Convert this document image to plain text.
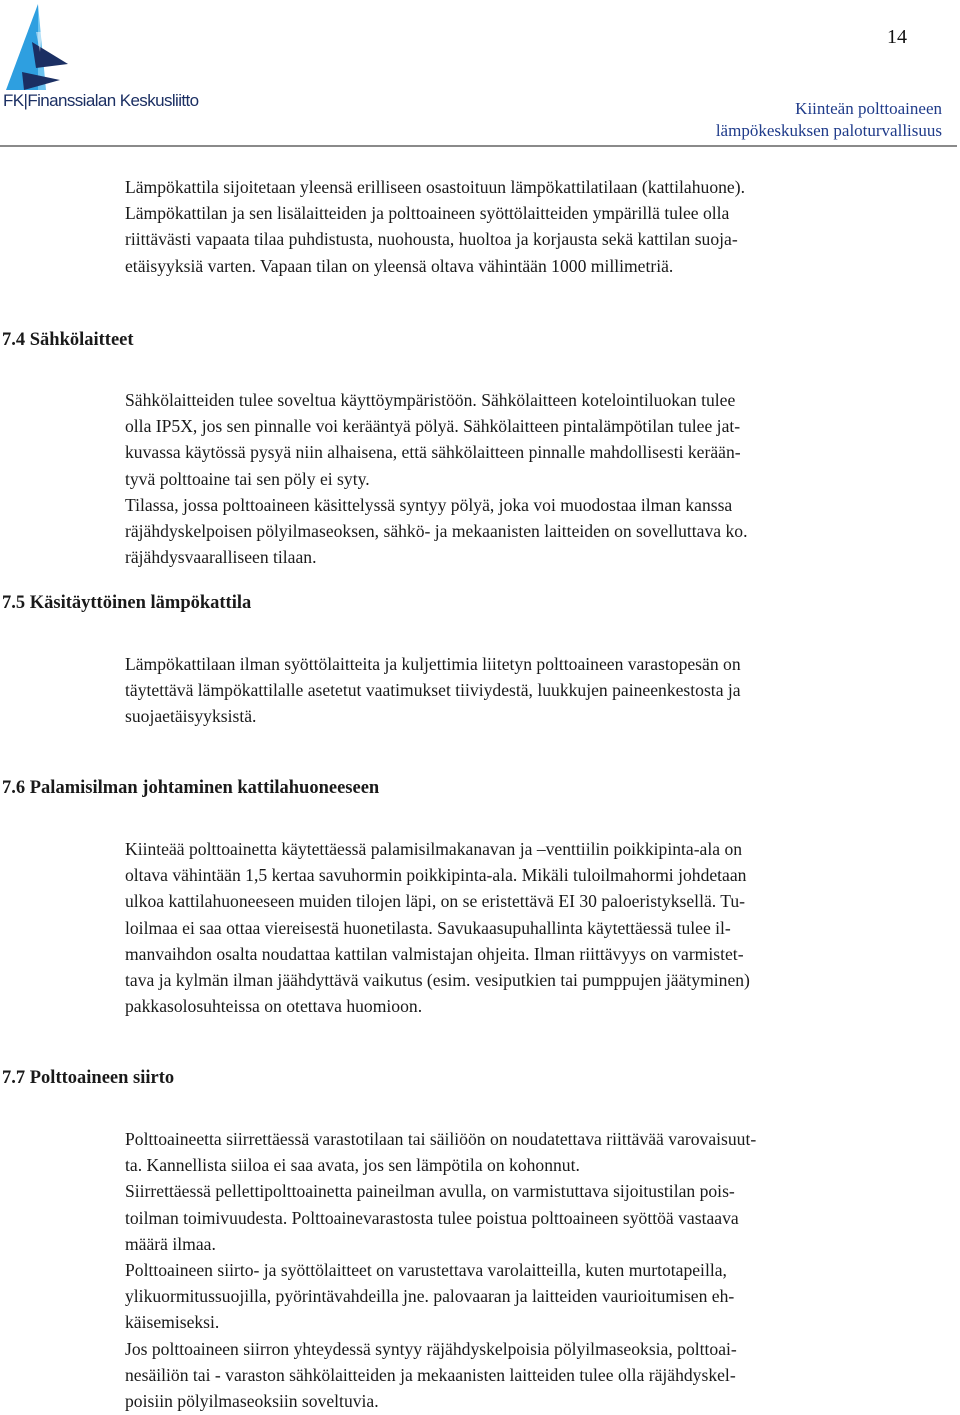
FK|Finanssialan Keskusliitto
14
Kiinteän polttoaineen
lämpökeskuksen paloturvallisuus
Lämpökattila sijoitetaan yleensä erilliseen osastoituun lämpökattilatilaan (kattilahuone).
Lämpökattilan ja sen lisälaitteiden ja polttoaineen syöttölaitteiden ympärillä tulee olla
riittävästi vapaata tilaa puhdistusta, nuohousta, huoltoa ja korjausta sekä kattilan suoja-
etäisyyksiä varten. Vapaan tilan on yleensä oltava vähintään 1000 millimetriä.
7.4 Sähkölaitteet
Sähkölaitteiden tulee soveltua käyttöympäristöön. Sähkölaitteen kotelointiluokan tulee
olla IP5X, jos sen pinnalle voi kerääntyä pölyä. Sähkölaitteen pintalämpötilan tulee jat-
kuvassa käytössä pysyä niin alhaisena, että sähkölaitteen pinnalle mahdollisesti kerään-
tyvä polttoaine tai sen pöly ei syty.
Tilassa, jossa polttoaineen käsittelyssä syntyy pölyä, joka voi muodostaa ilman kanssa
räjähdyskelpoisen pölyilmaseoksen, sähkö- ja mekaanisten laitteiden on sovelluttava ko.
räjähdysvaaralliseen tilaan.
7.5 Käsitäyttöinen lämpökattila
Lämpökattilaan ilman syöttölaitteita ja kuljettimia liitetyn polttoaineen varastopesän on
täytettävä lämpökattilalle asetetut vaatimukset tiiviydestä, luukkujen paineenkestosta ja
suojaetäisyyksistä.
7.6 Palamisilman johtaminen kattilahuoneeseen
Kiinteää polttoainetta käytettäessä palamisilmakanavan ja –venttiilin poikkipinta-ala on
oltava vähintään 1,5 kertaa savuhormin poikkipinta-ala. Mikäli tuloilmahormi johdetaan
ulkoa kattilahuoneeseen muiden tilojen läpi, on se eristettävä EI 30 paloeristyksellä. Tu-
loilmaa ei saa ottaa viereisestä huonetilasta. Savukaasupuhallinta käytettäessä tulee il-
manvaihdon osalta noudattaa kattilan valmistajan ohjeita. Ilman riittävyys on varmistet-
tava ja kylmän ilman jäähdyttävä vaikutus (esim. vesiputkien tai pumppujen jäätyminen)
pakkasolosuhteissa on otettava huomioon.
7.7 Polttoaineen siirto
Polttoaineetta siirrettäessä varastotilaan tai säiliöön on noudatettava riittävää varovaisuut-
ta. Kannellista siiloa ei saa avata, jos sen lämpötila on kohonnut.
Siirrettäessä pellettipolttoainetta paineilman avulla, on varmistuttava sijoitustilan pois-
toilman toimivuudesta. Polttoainevarastosta tulee poistua polttoaineen syöttöä vastaava
määrä ilmaa.
Polttoaineen siirto- ja syöttölaitteet on varustettava varolaitteilla, kuten murtotapeilla,
ylikuormitussuojilla, pyörintävahdeilla jne. palovaaran ja laitteiden vaurioitumisen eh-
käisemiseksi.
Jos polttoaineen siirron yhteydessä syntyy räjähdyskelpoisia pölyilmaseoksia, polttoai-
nesäiliön tai - varaston sähkölaitteiden ja mekaanisten laitteiden tulee olla räjähdyskel-
poisiin pölyilmaseoksiin soveltuvia.
